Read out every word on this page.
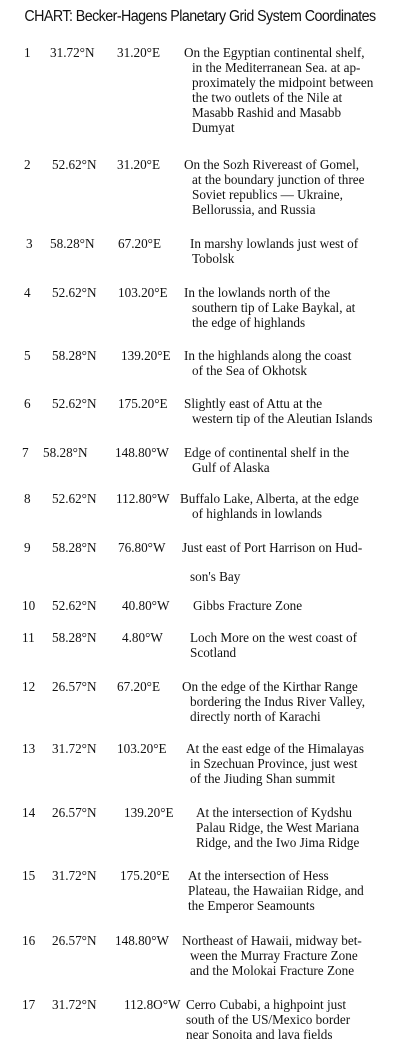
CHART: Becker-Hagens Planetary Grid System Coordinates
1 31.72°N 31.20°E On the Egyptian continental shelf,
in the Mediterranean Sea. at ap-
proximately the midpoint between
the two outlets of the Nile at
Masabb Rashid and Masabb
Dumyat
2 52.62°N 31.20°E On the Sozh Rivereast of Gomel,
at the boundary junction of three
Soviet republics — Ukraine,
Bellorussia, and Russia
3 58.28°N 67.20°E In marshy lowlands just west of
Tobolsk
4 52.62°N 103.20°E In the lowlands north of the
southern tip of Lake Baykal, at
the edge of highlands
5 58.28°N 139.20°E In the highlands along the coast
of the Sea of Okhotsk
6 52.62°N 175.20°E Slightly east of Attu at the
western tip of the Aleutian Islands
7 58.28°N 148.80°W Edge of continental shelf in the
Gulf of Alaska
8 52.62°N 112.80°W Buffalo Lake, Alberta, at the edge
of highlands in lowlands
9 58.28°N 76.80°W Just east of Port Harrison on Hud-
son's Bay
10 52.62°N 40.80°W Gibbs Fracture Zone
11 58.28°N 4.80°W Loch More on the west coast of
Scotland
12 26.57°N 67.20°E On the edge of the Kirthar Range
bordering the Indus River Valley,
directly north of Karachi
13 31.72°N 103.20°E At the east edge of the Himalayas
in Szechuan Province, just west
of the Jiuding Shan summit
14 26.57°N 139.20°E At the intersection of Kydshu
Palau Ridge, the West Mariana
Ridge, and the Iwo Jima Ridge
15 31.72°N 175.20°E At the intersection of Hess
Plateau, the Hawaiian Ridge, and
the Emperor Seamounts
16 26.57°N 148.80°W Northeast of Hawaii, midway bet-
ween the Murray Fracture Zone
and the Molokai Fracture Zone
17 31.72°N 112.8O°W Cerro Cubabi, a highpoint just
south of the US/Mexico border
near Sonoita and lava fields
